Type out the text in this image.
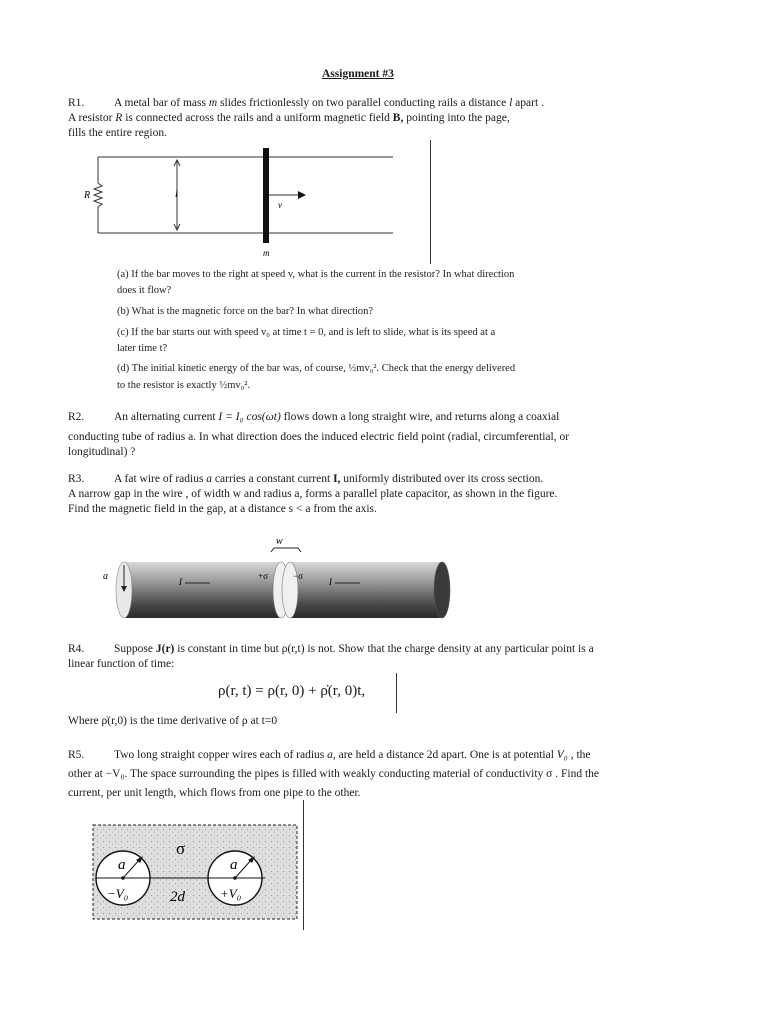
Assignment #3
R1.	A metal bar of mass m slides frictionlessly on two parallel conducting rails a distance l apart .
A resistor R is connected across the rails and a uniform magnetic field B, pointing into the page,
fills the entire region.
R	l
v
m
(a) If the bar moves to the right at speed v, what is the current in the resistor? In what direction
does it flow?
(b) What is the magnetic force on the bar? In what direction?
(c) If the bar starts out with speed v₀ at time t = 0, and is left to slide, what is its speed at a
later time t?
(d) The initial kinetic energy of the bar was, of course, ½mv₀². Check that the energy delivered
to the resistor is exactly ½mv₀².
R2.	An alternating current I = I₀ cos(ωt) flows down a long straight wire, and returns along a coaxial
conducting tube of radius a. In what direction does the induced electric field point (radial, circumferential, or
longitudinal) ?
R3.	A fat wire of radius a carries a constant current I, uniformly distributed over its cross section.
A narrow gap in the wire , of width w and radius a, forms a parallel plate capacitor, as shown in the figure.
Find the magnetic field in the gap, at a distance s < a from the axis.
a	I	I
+σ	−σ
w
R4.	Suppose J(r) is constant in time but ρ(r,t) is not. Show that the charge density at any particular point is a
linear function of time:
ρ(r, t) = ρ(r, 0) + ρ̇(r, 0)t,
Where ρ̇(r,0) is the time derivative of ρ at t=0
R5.	Two long straight copper wires each of radius a, are held a distance 2d apart. One is at potential V₀ , the
other at −V₀. The space surrounding the pipes is filled with weakly conducting material of conductivity σ . Find the
current, per unit length, which flows from one pipe to the other.
a	a
σ
−V₀	+V₀
2d
